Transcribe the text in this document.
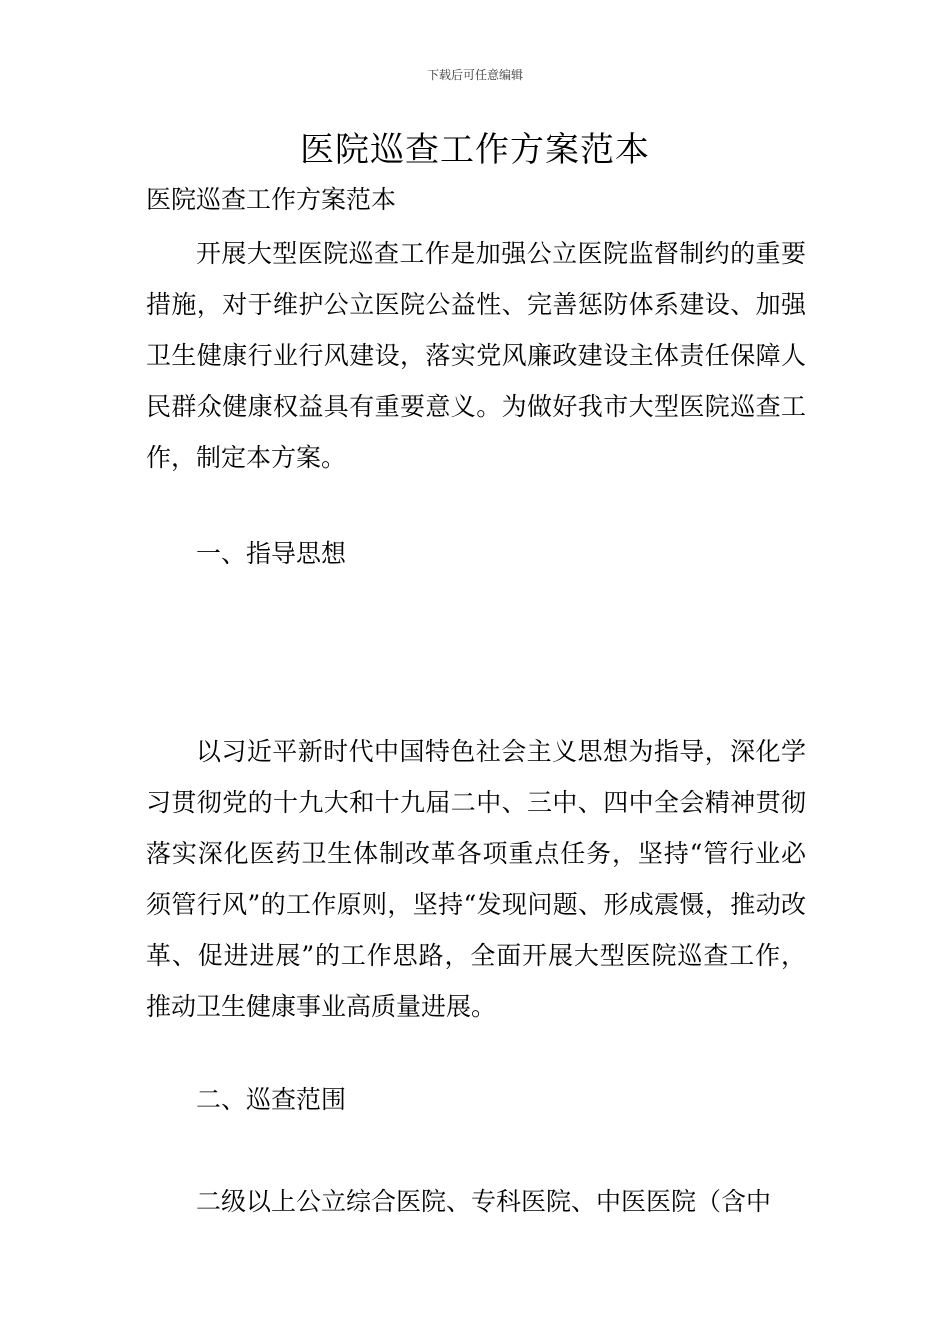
下载后可任意编辑
医院巡查工作方案范本
医院巡查工作方案范本

开展大型医院巡查工作是加强公立医院监督制约的重要措施，对于维护公立医院公益性、完善惩防体系建设、加强卫生健康行业行风建设，落实党风廉政建设主体责任保障人民群众健康权益具有重要意义。为做好我市大型医院巡查工作，制定本方案。

一、指导思想

以习近平新时代中国特色社会主义思想为指导，深化学习贯彻党的十九大和十九届二中、三中、四中全会精神贯彻落实深化医药卫生体制改革各项重点任务，坚持“管行业必须管行风”的工作原则，坚持“发现问题、形成震慑，推动改革、促进进展”的工作思路，全面开展大型医院巡查工作，推动卫生健康事业高质量进展。

二、巡查范围

二级以上公立综合医院、专科医院、中医医院（含中
